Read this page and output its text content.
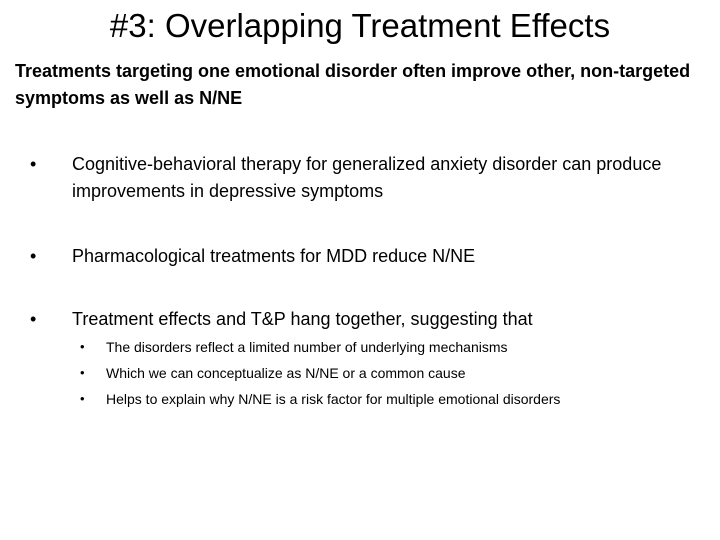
#3: Overlapping Treatment Effects

Treatments targeting one emotional disorder often improve other, non-targeted symptoms as well as N/NE

•	Cognitive-behavioral therapy for generalized anxiety disorder can produce improvements in depressive symptoms
•	Pharmacological treatments for MDD reduce N/NE
•	Treatment effects and T&P hang together, suggesting that
•	The disorders reflect a limited number of underlying mechanisms
•	Which we can conceptualize as N/NE or a common cause
•	Helps to explain why N/NE is a risk factor for multiple emotional disorders
